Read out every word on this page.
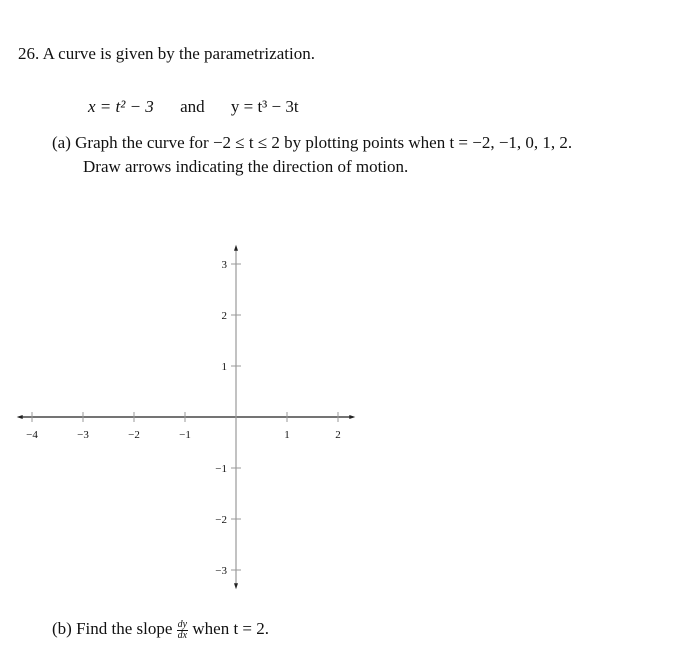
26. A curve is given by the parametrization.
x = t² − 3 and y = t³ − 3t
(a) Graph the curve for −2 ≤ t ≤ 2 by plotting points when t = −2, −1, 0, 1, 2.
Draw arrows indicating the direction of motion.
−4	−3	−2	−1	1	2
3
2
1
−1
−2
−3
(b) Find the slope $\frac{dy}{dx}$ when t = 2.
